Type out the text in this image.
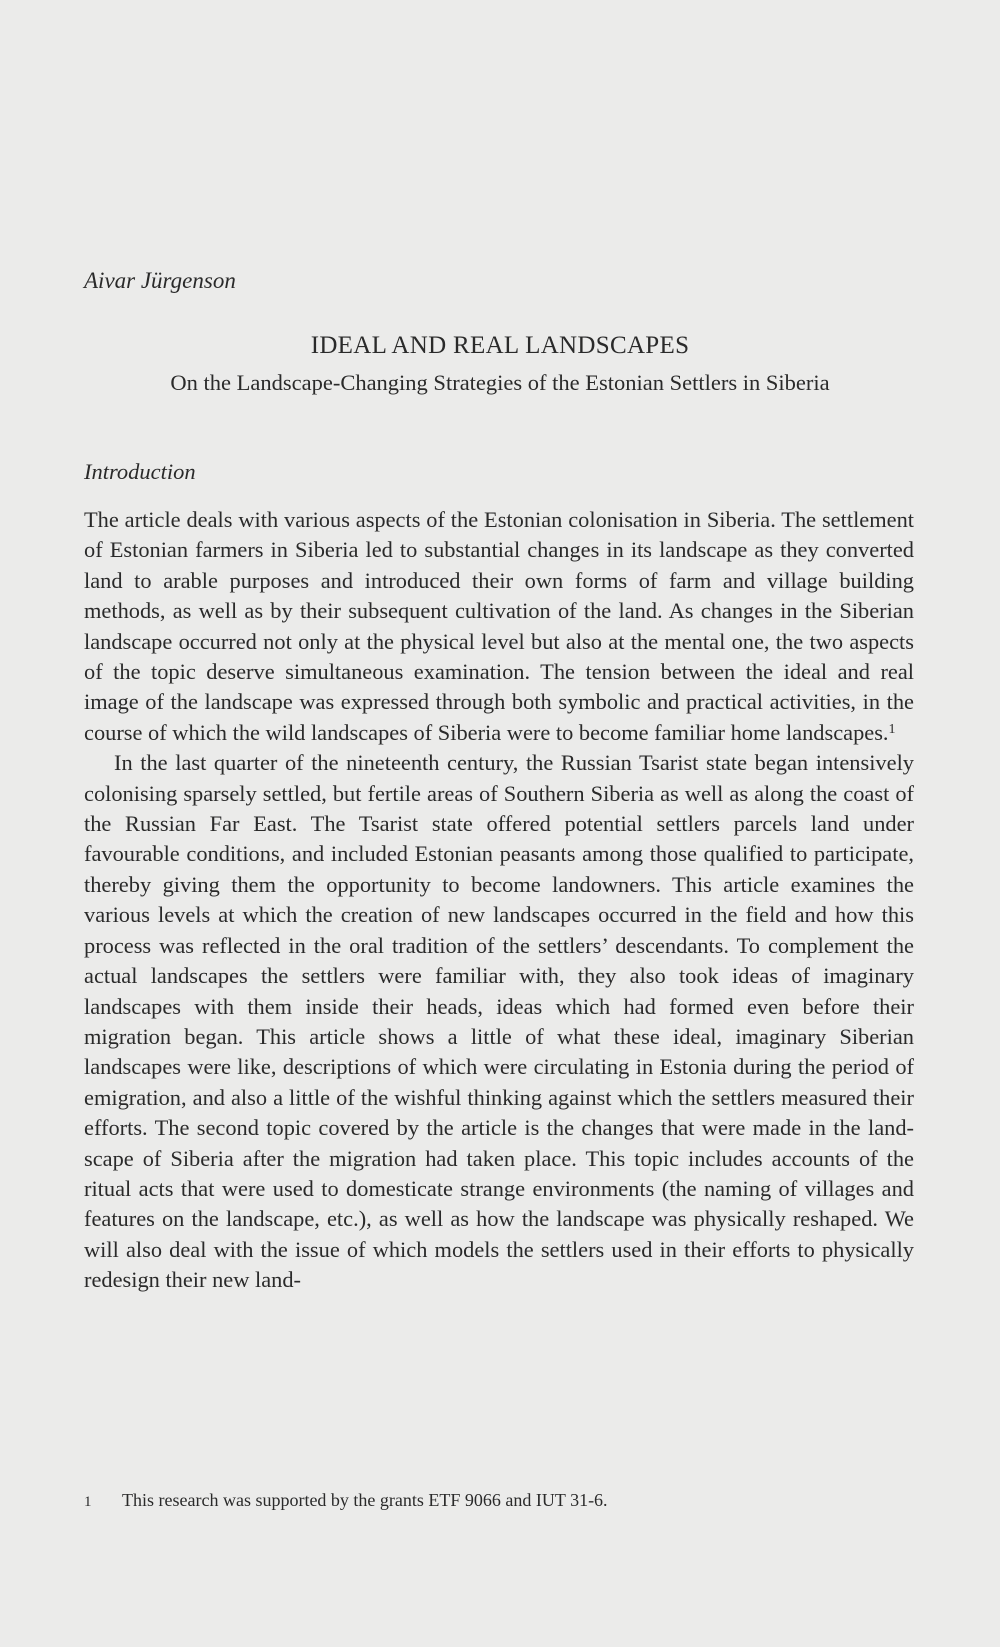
Aivar Jürgenson
IDEAL AND REAL LANDSCAPES

On the Landscape-Changing Strategies of the Estonian Settlers in Siberia

Introduction

The article deals with various aspects of the Estonian colonisation in Siberia. The settlement of Estonian farmers in Siberia led to substantial changes in its landscape as they converted land to arable purposes and introduced their own forms of farm and village building methods, as well as by their subsequent cultivation of the land. As changes in the Siberian landscape occurred not only at the physical level but also at the mental one, the two aspects of the topic deserve simultaneous examination. The tension between the ideal and real image of the landscape was expressed through both symbolic and practical activities, in the course of which the wild landscapes of Siberia were to become familiar home landscapes.$^1$

In the last quarter of the nineteenth century, the Russian Tsarist state began intensively colonising sparsely settled, but fertile areas of Southern Siberia as well as along the coast of the Russian Far East. The Tsarist state offered potential settlers parcels land under favourable conditions, and included Estonian peasants among those qualified to participate, thereby giving them the opportunity to become landowners. This article examines the various levels at which the creation of new landscapes occurred in the field and how this process was reflected in the oral tradition of the settlers’ descendants. To complement the actual landscapes the settlers were familiar with, they also took ideas of imaginary landscapes with them inside their heads, ideas which had formed even before their migration began. This article shows a little of what these ideal, imaginary Siberian landscapes were like, descriptions of which were circulating in Estonia during the period of emigration, and also a little of the wishful thinking against which the settlers measured their efforts. The second topic covered by the article is the changes that were made in the landscape of Siberia after the migration had taken place. This topic includes accounts of the ritual acts that were used to domesticate strange environments (the naming of villages and features on the landscape, etc.), as well as how the landscape was physically reshaped. We will also deal with the issue of which models the settlers used in their efforts to physically redesign their new land-

1 This research was supported by the grants ETF 9066 and IUT 31-6.
